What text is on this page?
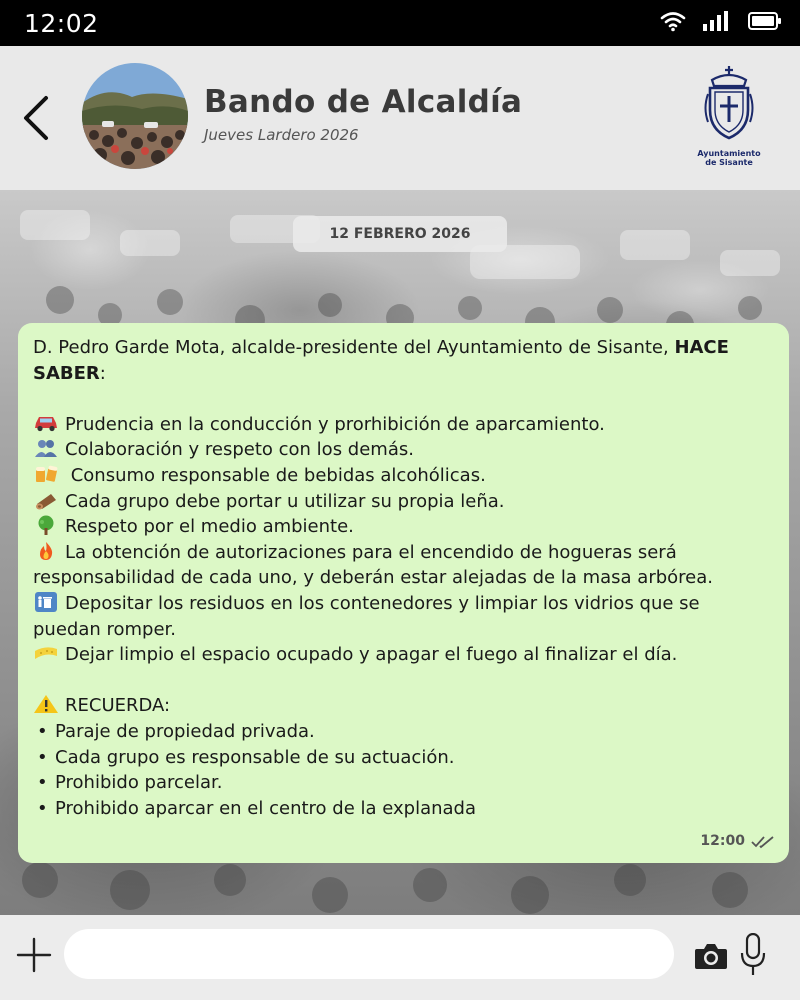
12:02
Bando de Alcaldía
Jueves Lardero 2026
Ayuntamiento
de Sisante
12 FEBRERO 2026

D. Pedro Garde Mota, alcalde-presidente del Ayuntamiento de Sisante, HACE SABER:

Prudencia en la conducción y prorhibición de aparcamiento.
Colaboración y respeto con los demás.
Consumo responsable de bebidas alcohólicas.
Cada grupo debe portar u utilizar su propia leña.
Respeto por el medio ambiente.
La obtención de autorizaciones para el encendido de hogueras será responsabilidad de cada uno, y deberán estar alejadas de la masa arbórea.
Depositar los residuos en los contenedores y limpiar los vidrios que se puedan romper.
Dejar limpio el espacio ocupado y apagar el fuego al finalizar el día.
RECUERDA:
• Paraje de propiedad privada.
• Cada grupo es responsable de su actuación.
• Prohibido parcelar.
• Prohibido aparcar en el centro de la explanada
12:00
